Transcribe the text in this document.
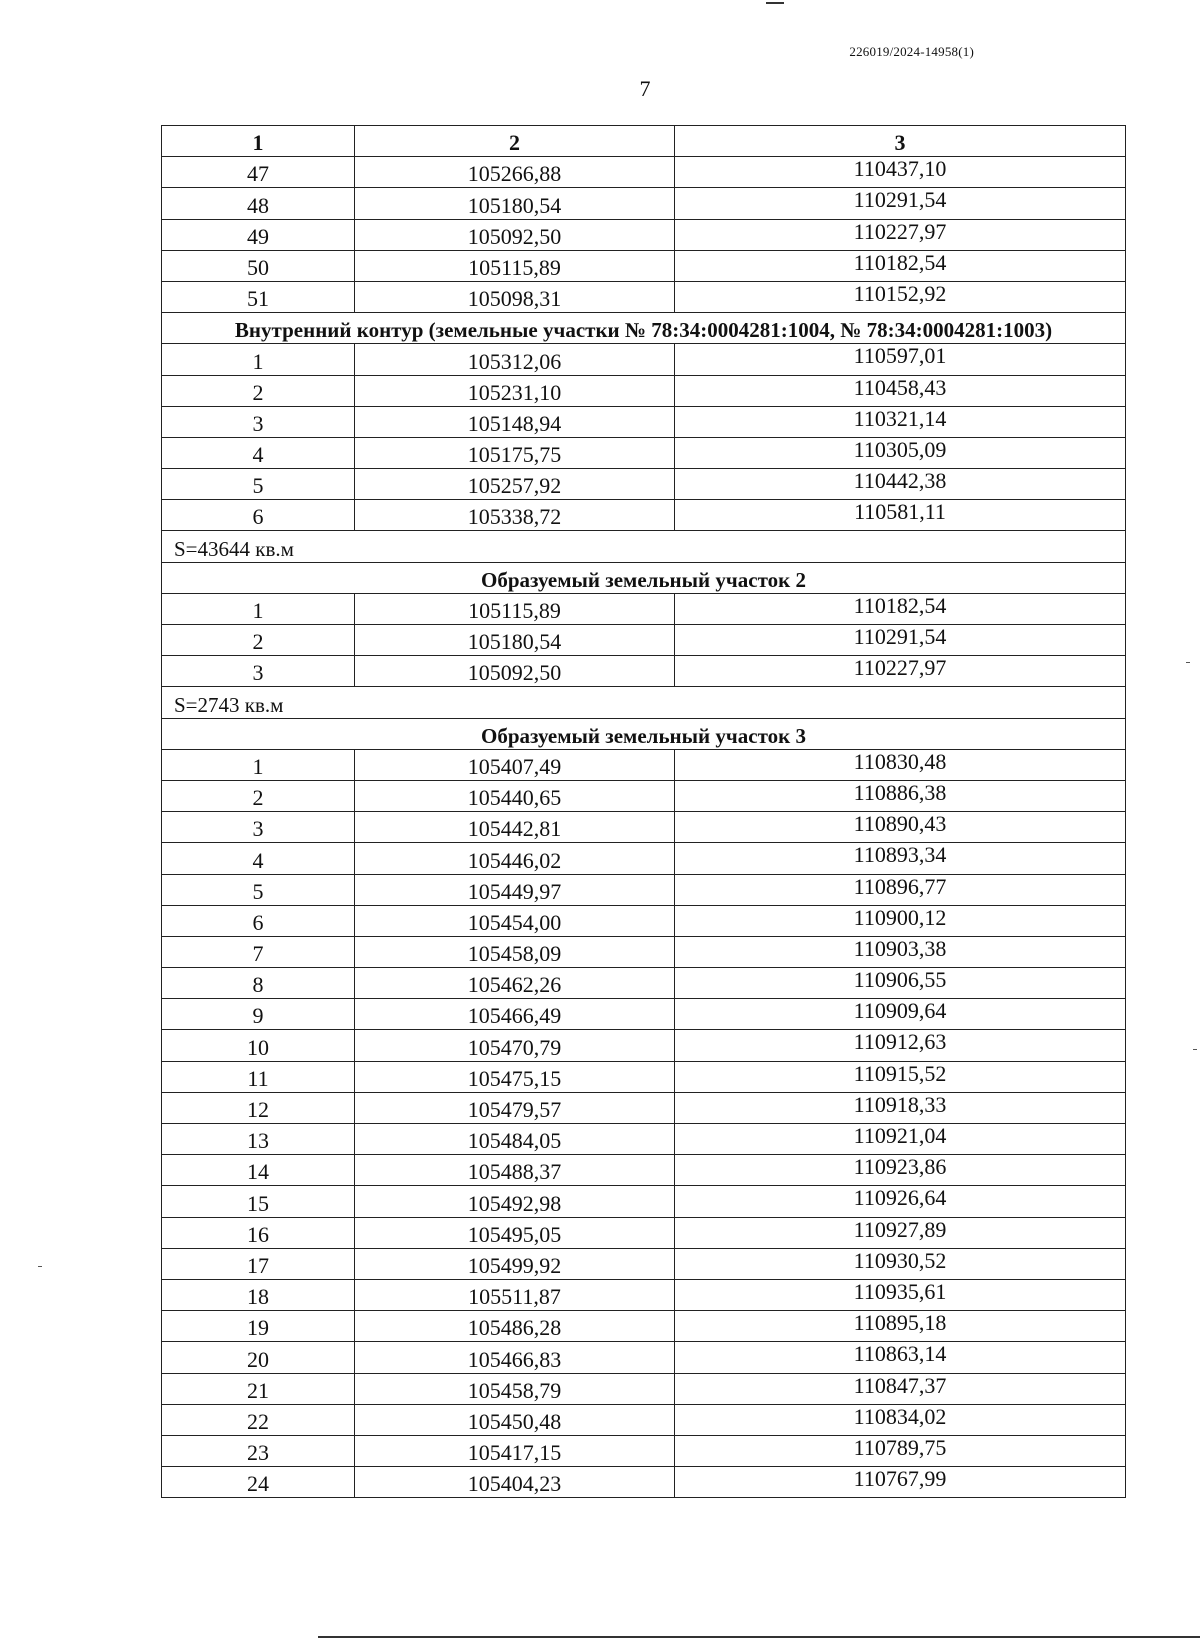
226019/2024-14958(1)
7
1	2	3
47	105266,88	110437,10
48	105180,54	110291,54
49	105092,50	110227,97
50	105115,89	110182,54
51	105098,31	110152,92
Внутренний контур (земельные участки № 78:34:0004281:1004, № 78:34:0004281:1003)		
1	105312,06	110597,01
2	105231,10	110458,43
3	105148,94	110321,14
4	105175,75	110305,09
5	105257,92	110442,38
6	105338,72	110581,11
S=43644 кв.м		
Образуемый земельный участок 2		
1	105115,89	110182,54
2	105180,54	110291,54
3	105092,50	110227,97
S=2743 кв.м		
Образуемый земельный участок 3		
1	105407,49	110830,48
2	105440,65	110886,38
3	105442,81	110890,43
4	105446,02	110893,34
5	105449,97	110896,77
6	105454,00	110900,12
7	105458,09	110903,38
8	105462,26	110906,55
9	105466,49	110909,64
10	105470,79	110912,63
11	105475,15	110915,52
12	105479,57	110918,33
13	105484,05	110921,04
14	105488,37	110923,86
15	105492,98	110926,64
16	105495,05	110927,89
17	105499,92	110930,52
18	105511,87	110935,61
19	105486,28	110895,18
20	105466,83	110863,14
21	105458,79	110847,37
22	105450,48	110834,02
23	105417,15	110789,75
24	105404,23	110767,99
